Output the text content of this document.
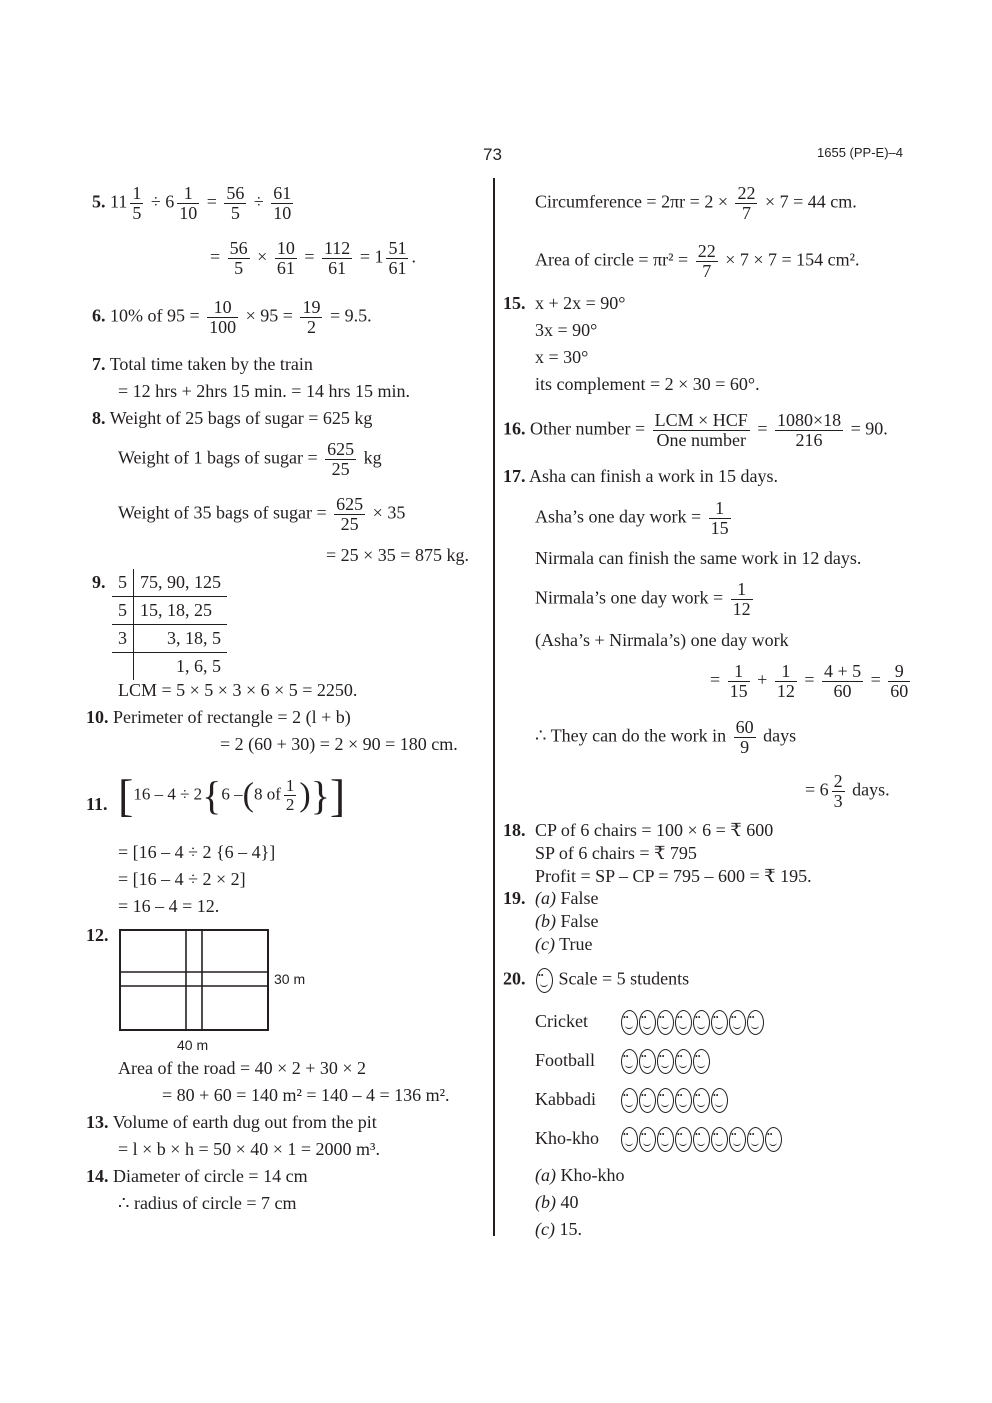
73	1655 (PP-E)–4
5. $11 \frac{1}{5} \div 6 \frac{1}{10} = \frac{56}{5} \div \frac{61}{10}$
= $\frac{56}{5} \times \frac{10}{61} = \frac{112}{61} = 1 \frac{51}{61}$ .
6. 10% of $95 = \frac{10}{100} \times 95 = \frac{19}{2} = 9.5$.
7. Total time taken by the train
= 12 hrs + 2hrs 15 min. = 14 hrs 15 min.
8. Weight of 25 bags of sugar = 625 kg
Weight of 1 bags of sugar = $\frac{625}{25}$ kg
Weight of 35 bags of sugar = $\frac{625}{25} \times 35$
= 25 × 35 = 875 kg.
9. 5	75, 90, 125
5	15, 18, 25
3	3, 18, 5
	1, 6, 5
LCM = 5 × 5 × 3 × 6 × 5 = 2250.
10. Perimeter of rectangle = 2 (l + b)
= 2 (60 + 30) = 2 × 90 = 180 cm.
11. [16 – 4 ÷ 2{6 –(8 of $\frac{1}{2}$ )}]
= [16 – 4 ÷ 2 {6 – 4}]
= [16 – 4 ÷ 2 × 2]
= 16 – 4 = 12.
12.
30 m
40 m
Area of the road = 40 × 2 + 30 × 2
= 80 + 60 = 140 m² = 140 – 4 = 136 m².
13. Volume of earth dug out from the pit
= l × b × h = 50 × 40 × 1 = 2000 m³.
14. Diameter of circle = 14 cm
∴ radius of circle = 7 cm
Circumference = $2\pi r = 2 \times \frac{22}{7} \times 7 = 44$ cm.
Area of circle = $\pi r^2 = \frac{22}{7} \times 7 \times 7 = 154$ cm².
15. x + 2x = 90°
3x = 90°
x = 30°
its complement = 2 × 30 = 60°.
16. Other number = $\frac{\text{LCM × HCF}}{\text{One number}} = \frac{1080\times 18}{216} = 90$.
17. Asha can finish a work in 15 days.
Asha’s one day work = $\frac{1}{15}$
Nirmala can finish the same work in 12 days.
Nirmala’s one day work = $\frac{1}{12}$
(Asha’s + Nirmala’s) one day work
= $\frac{1}{15} + \frac{1}{12} = \frac{4 + 5}{60} = \frac{9}{60}$
∴ They can do the work in $\frac{60}{9}$ days
= $6 \frac{2}{3}$ days.
18. CP of 6 chairs = 100 × 6 = ₹ 600
SP of 6 chairs = ₹ 795
Profit = SP – CP = 795 – 600 = ₹ 195.
19. (a) False
(b) False
(c) True
20. •• Scale = 5 students
Cricket••••••••••••••••
Football••••••••••
Kabbadi••••••••••••
Kho-kho••••••••••••••••••
(a) Kho-kho
(b) 40
(c) 15.
